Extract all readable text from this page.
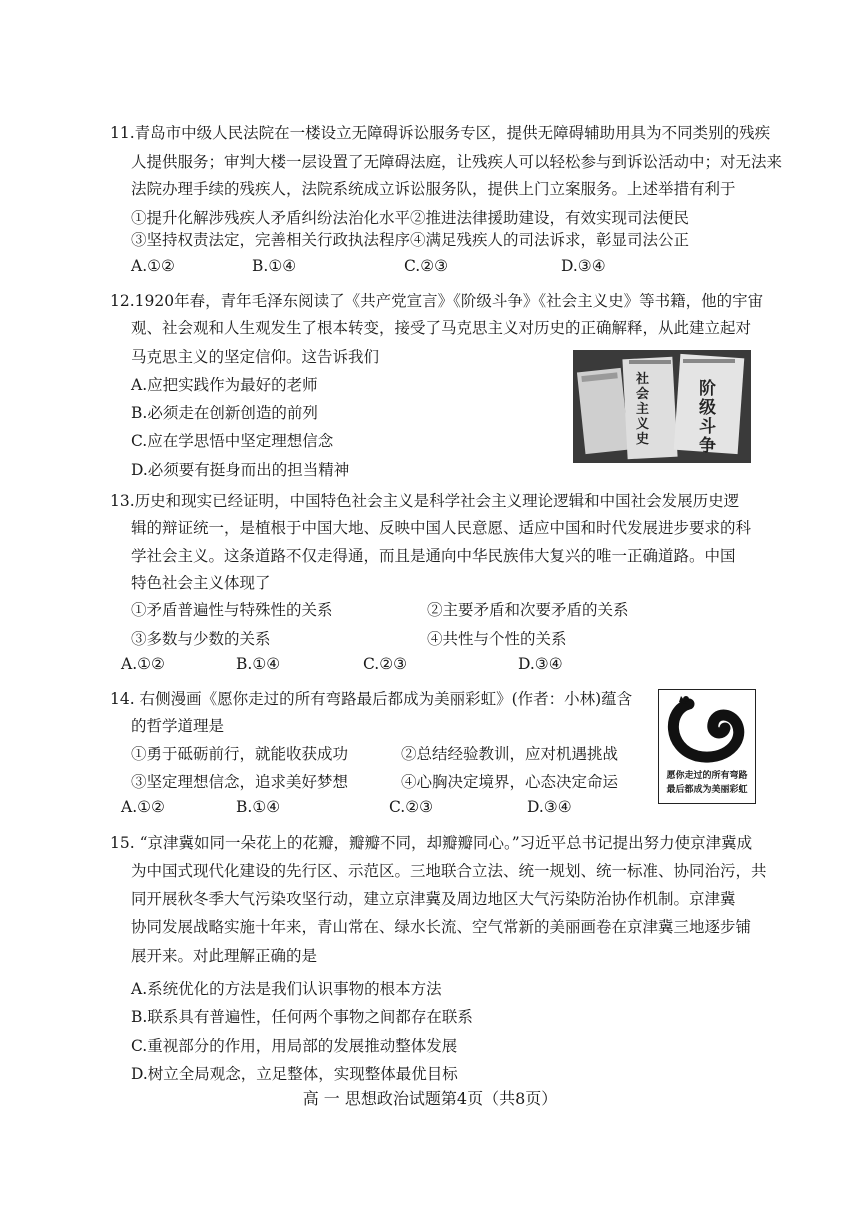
11.青岛市中级人民法院在一楼设立无障碍诉讼服务专区，提供无障碍辅助用具为不同类别的残疾
人提供服务；审判大楼一层设置了无障碍法庭，让残疾人可以轻松参与到诉讼活动中；对无法来
法院办理手续的残疾人，法院系统成立诉讼服务队，提供上门立案服务。上述举措有利于
①提升化解涉残疾人矛盾纠纷法治化水平②推进法律援助建设，有效实现司法便民
③坚持权责法定，完善相关行政执法程序④满足残疾人的司法诉求，彰显司法公正
A.①②	B.①④	C.②③	D.③④
12.1920年春，青年毛泽东阅读了《共产党宣言》《阶级斗争》《社会主义史》等书籍，他的宇宙
观、社会观和人生观发生了根本转变，接受了马克思主义对历史的正确解释，从此建立起对
马克思主义的坚定信仰。这告诉我们
A.应把实践作为最好的老师
B.必须走在创新创造的前列
C.应在学思悟中坚定理想信念
D.必须要有挺身而出的担当精神
社会主义史
阶级斗争
13.历史和现实已经证明，中国特色社会主义是科学社会主义理论逻辑和中国社会发展历史逻
辑的辩证统一，是植根于中国大地、反映中国人民意愿、适应中国和时代发展进步要求的科
学社会主义。这条道路不仅走得通，而且是通向中华民族伟大复兴的唯一正确道路。中国
特色社会主义体现了
①矛盾普遍性与特殊性的关系	②主要矛盾和次要矛盾的关系
③多数与少数的关系	④共性与个性的关系
A.①②	B.①④	C.②③	D.③④
14. 右侧漫画《愿你走过的所有弯路最后都成为美丽彩虹》(作者：小林)蕴含
的哲学道理是
①勇于砥砺前行，就能收获成功	②总结经验教训，应对机遇挑战
③坚定理想信念，追求美好梦想	④心胸决定境界，心态决定命运
A.①②	B.①④	C.②③	D.③④
愿你走过的所有弯路
最后都成为美丽彩虹
15. “京津冀如同一朵花上的花瓣，瓣瓣不同，却瓣瓣同心。”习近平总书记提出努力使京津冀成
为中国式现代化建设的先行区、示范区。三地联合立法、统一规划、统一标准、协同治污，共
同开展秋冬季大气污染攻坚行动，建立京津冀及周边地区大气污染防治协作机制。京津冀
协同发展战略实施十年来，青山常在、绿水长流、空气常新的美丽画卷在京津冀三地逐步铺
展开来。对此理解正确的是
A.系统优化的方法是我们认识事物的根本方法
B.联系具有普遍性，任何两个事物之间都存在联系
C.重视部分的作用，用局部的发展推动整体发展
D.树立全局观念，立足整体，实现整体最优目标
高 一 思想政治试题第4页（共8页）
